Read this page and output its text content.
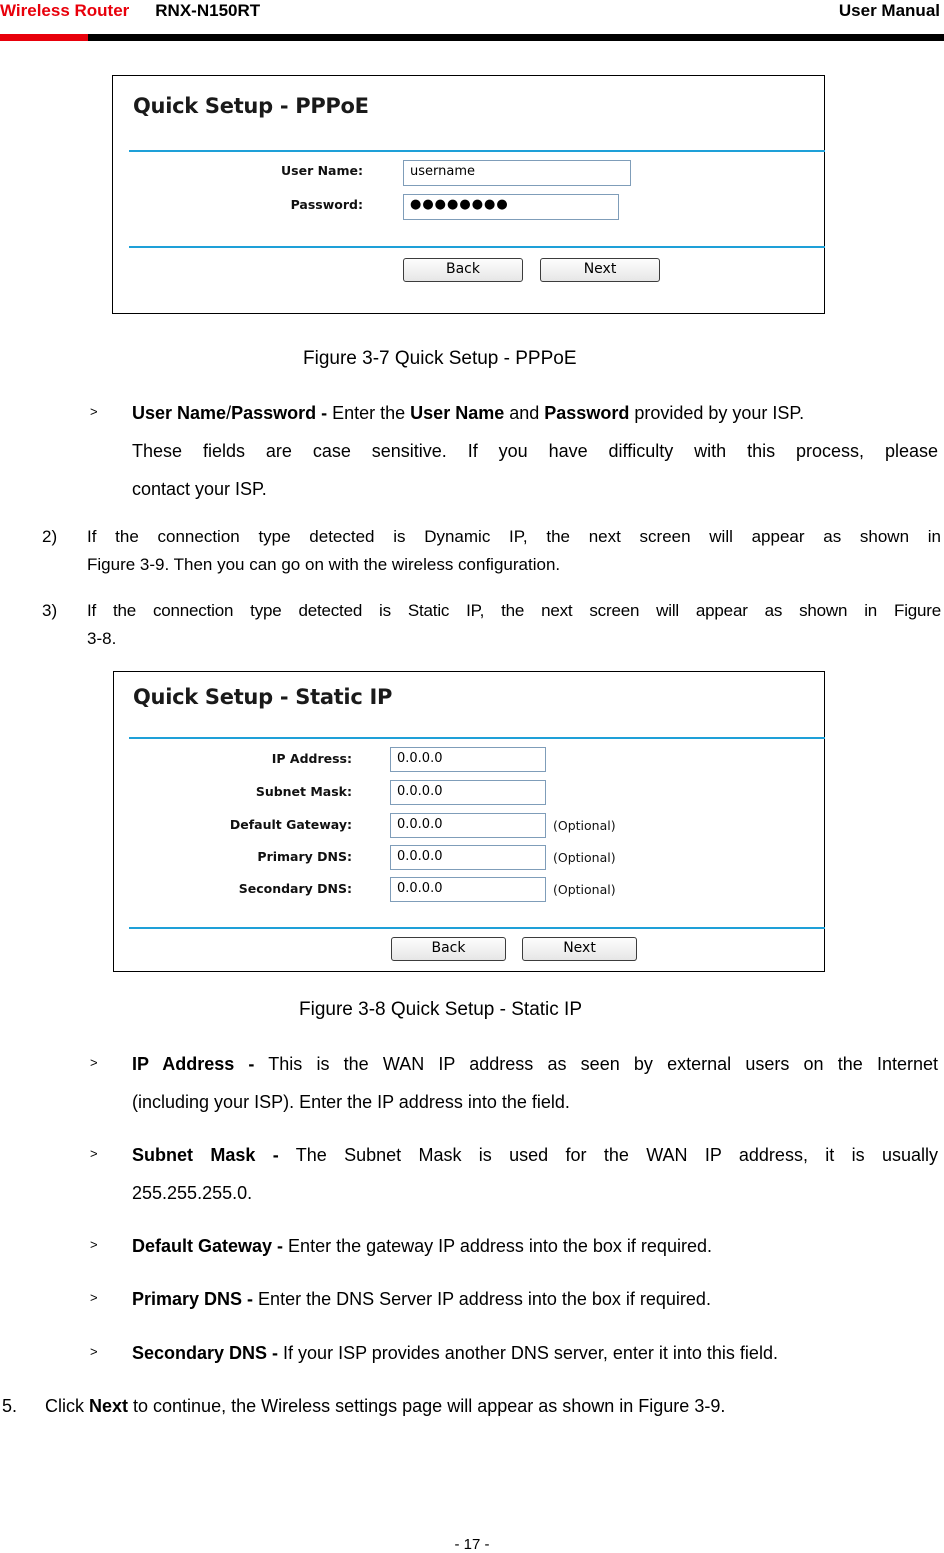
Wireless Router RNX-N150RT	User Manual
Quick Setup - PPPoE
User Name:	username
Password:	●●●●●●●●
Back	Next
Figure 3-7 Quick Setup - PPPoE
> User Name/Password - Enter the User Name and Password provided by your ISP.
These fields are case sensitive. If you have difficulty with this process, please
contact your ISP.
2) If the connection type detected is Dynamic IP, the next screen will appear as shown in
Figure 3-9. Then you can go on with the wireless configuration.
3) If the connection type detected is Static IP, the next screen will appear as shown in Figure
3-8.
Quick Setup - Static IP
IP Address:	0.0.0.0
Subnet Mask:	0.0.0.0
Default Gateway:	0.0.0.0	(Optional)
Primary DNS:	0.0.0.0	(Optional)
Secondary DNS:	0.0.0.0	(Optional)
Back	Next
Figure 3-8 Quick Setup - Static IP
> IP Address - This is the WAN IP address as seen by external users on the Internet
(including your ISP). Enter the IP address into the field.
> Subnet Mask - The Subnet Mask is used for the WAN IP address, it is usually
255.255.255.0.
> Default Gateway - Enter the gateway IP address into the box if required.
> Primary DNS - Enter the DNS Server IP address into the box if required.
> Secondary DNS - If your ISP provides another DNS server, enter it into this field.
5. Click Next to continue, the Wireless settings page will appear as shown in Figure 3-9.
- 17 -
